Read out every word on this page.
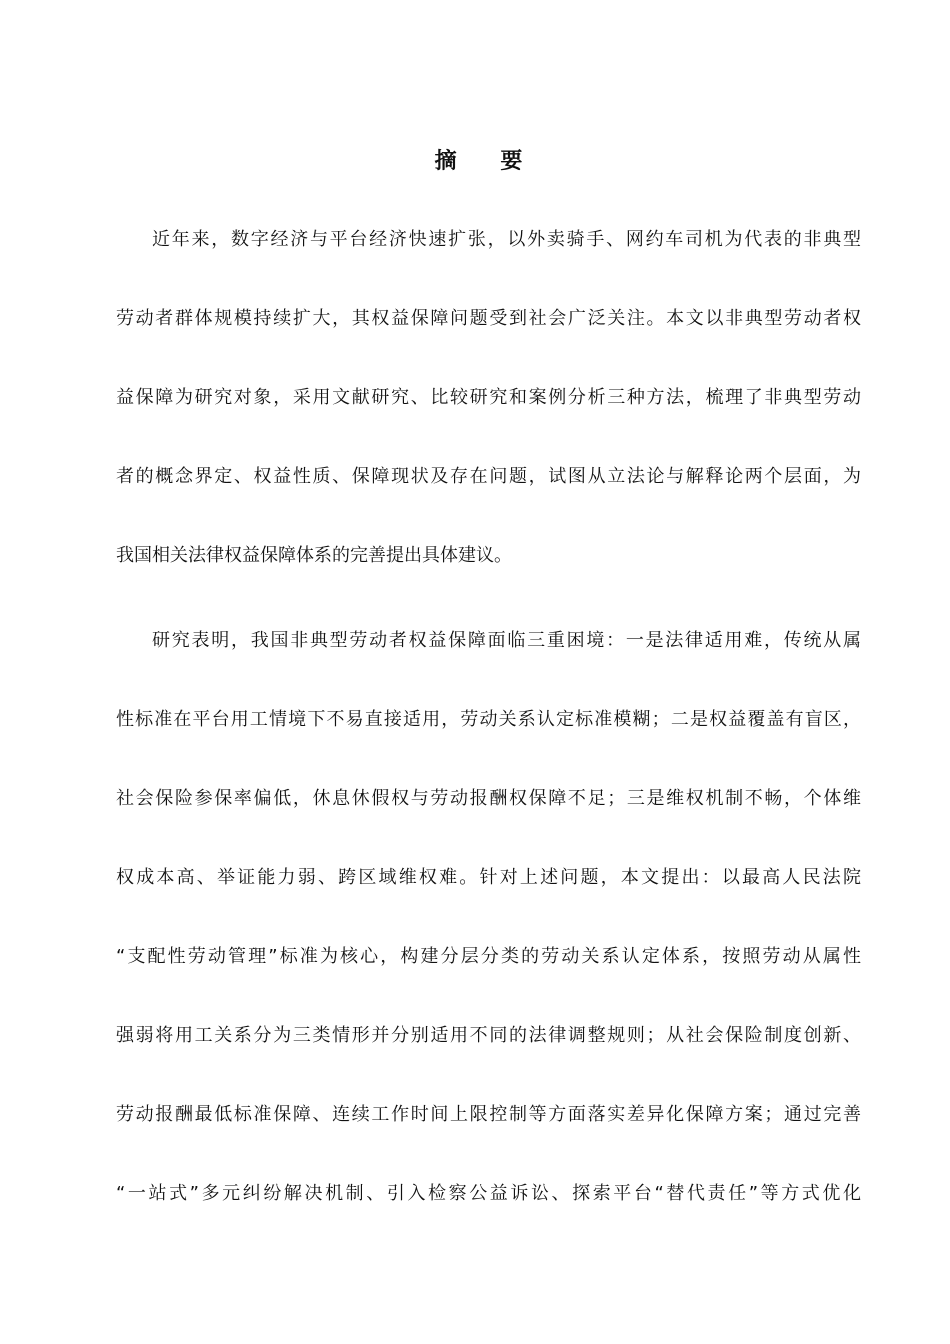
摘 要
近年来，数字经济与平台经济快速扩张，以外卖骑手、网约车司机为代表的非典型
劳动者群体规模持续扩大，其权益保障问题受到社会广泛关注。本文以非典型劳动者权
益保障为研究对象，采用文献研究、比较研究和案例分析三种方法，梳理了非典型劳动
者的概念界定、权益性质、保障现状及存在问题，试图从立法论与解释论两个层面，为
我国相关法律权益保障体系的完善提出具体建议。
研究表明，我国非典型劳动者权益保障面临三重困境：一是法律适用难，传统从属
性标准在平台用工情境下不易直接适用，劳动关系认定标准模糊；二是权益覆盖有盲区，
社会保险参保率偏低，休息休假权与劳动报酬权保障不足；三是维权机制不畅，个体维
权成本高、举证能力弱、跨区域维权难。针对上述问题，本文提出：以最高人民法院
“支配性劳动管理”标准为核心，构建分层分类的劳动关系认定体系，按照劳动从属性
强弱将用工关系分为三类情形并分别适用不同的法律调整规则；从社会保险制度创新、
劳动报酬最低标准保障、连续工作时间上限控制等方面落实差异化保障方案；通过完善
“一站式”多元纠纷解决机制、引入检察公益诉讼、探索平台“替代责任”等方式优化
